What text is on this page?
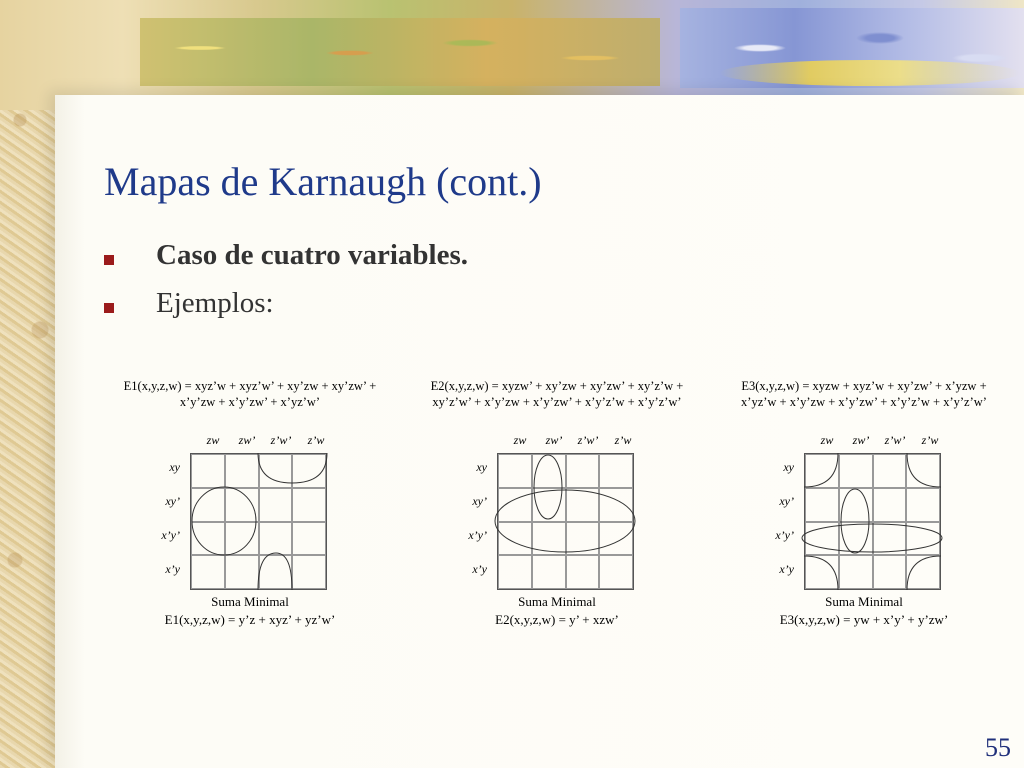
Mapas de Karnaugh (cont.)
Caso de cuatro variables.
Ejemplos:
E1(x,y,z,w) = xyz’w + xyz’w’ + xy’zw + xy’zw’ +
x’y’zw + x’y’zw’ + x’yz’w’
zw	zw’	z’w’	z’w
xy
xy’
x’y’
x’y
Suma Minimal
E1(x,y,z,w) = y’z + xyz’ + yz’w’
E2(x,y,z,w) = xyzw’ + xy’zw + xy’zw’ + xy’z’w +
xy’z’w’ + x’y’zw + x’y’zw’ + x’y’z’w + x’y’z’w’
zw	zw’	z’w’	z’w
xy
xy’
x’y’
x’y
Suma Minimal
E2(x,y,z,w) = y’ + xzw’
E3(x,y,z,w) = xyzw + xyz’w + xy’zw’ + x’yzw +
x’yz’w + x’y’zw + x’y’zw’ + x’y’z’w + x’y’z’w’
zw	zw’	z’w’	z’w
xy
xy’
x’y’
x’y
Suma Minimal
E3(x,y,z,w) = yw + x’y’ + y’zw’
55
